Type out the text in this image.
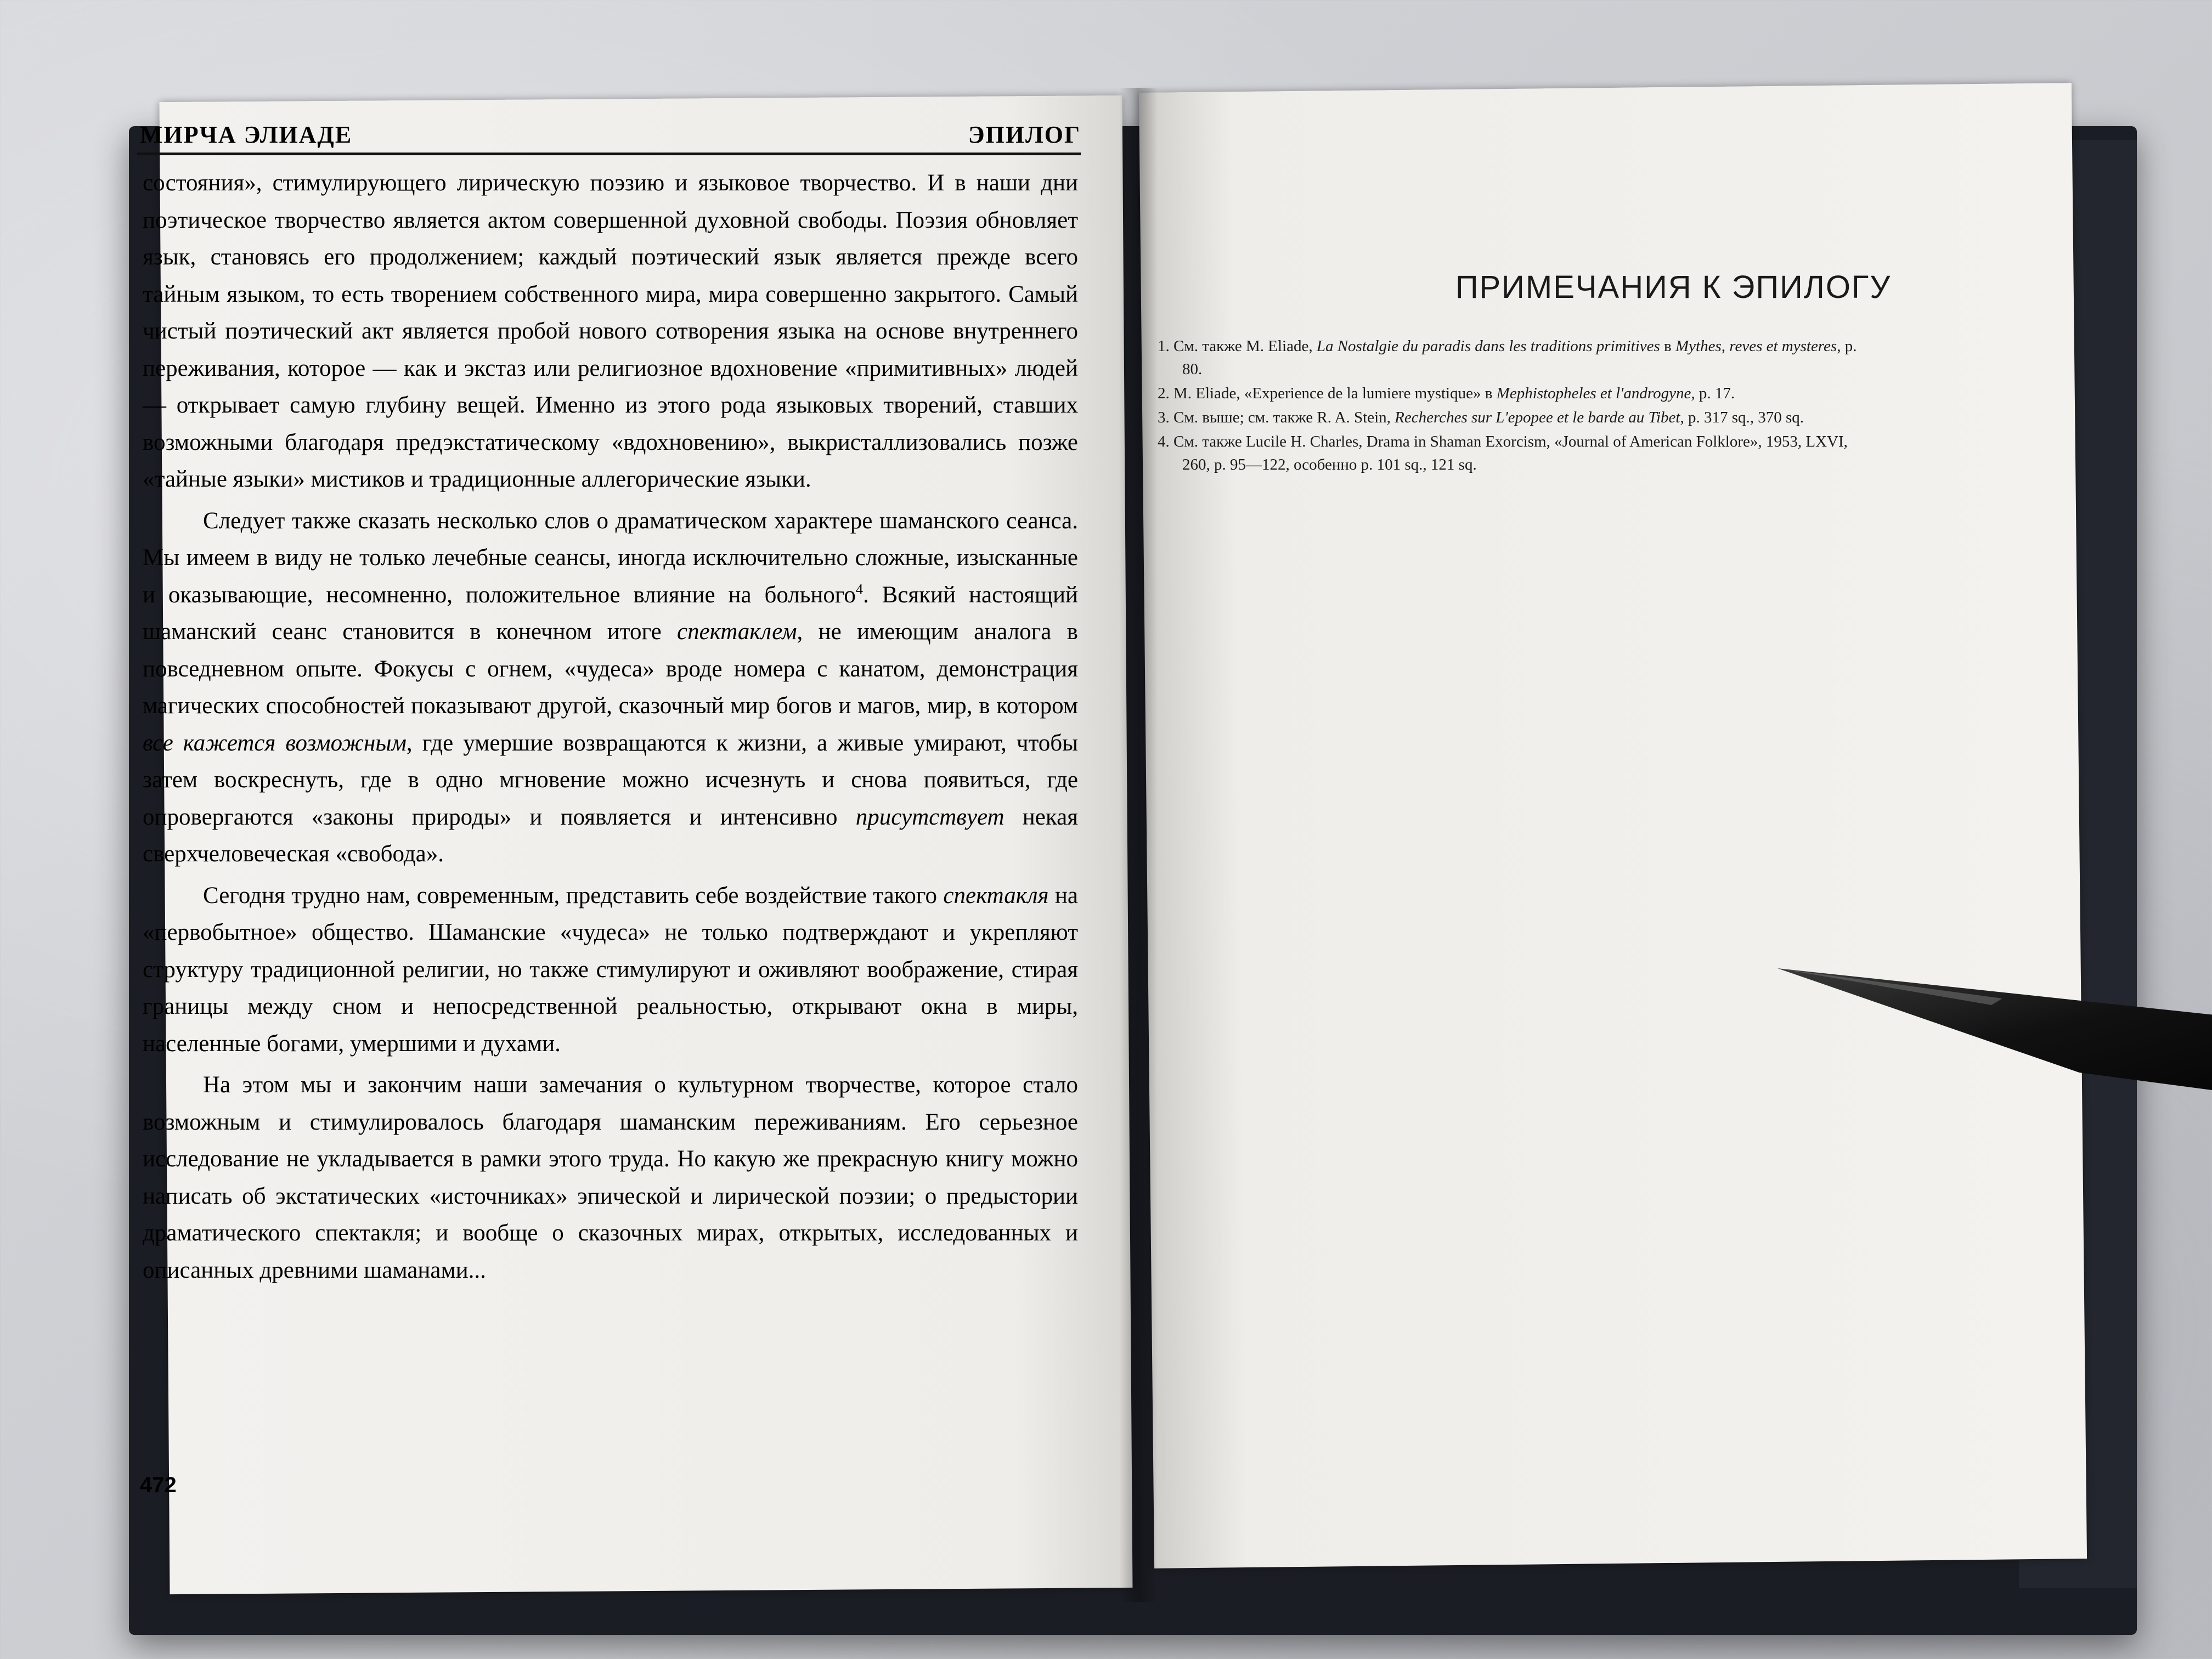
МИРЧА ЭЛИАДЕ	ЭПИЛОГ

состояния», стимулирующего лирическую поэзию и языковое творчество. И в наши дни поэтическое творчество является актом совершенной духовной свободы. Поэзия обновляет язык, становясь его продолжением; каждый поэтический язык является прежде всего тайным языком, то есть творением собственного мира, мира совершенно закрытого. Самый чистый поэтический акт является пробой нового сотворения языка на основе внутреннего переживания, которое — как и экстаз или религиозное вдохновение «примитивных» людей — открывает самую глубину вещей. Именно из этого рода языковых творений, ставших возможными благодаря предэкстатическому «вдохновению», выкристаллизовались позже «тайные языки» мистиков и традиционные аллегорические языки.

Следует также сказать несколько слов о драматическом характере шаманского сеанса. Мы имеем в виду не только лечебные сеансы, иногда исключительно сложные, изысканные и оказывающие, несомненно, положительное влияние на больного$^4$. Всякий настоящий шаманский сеанс становится в конечном итоге спектаклем, не имеющим аналога в повседневном опыте. Фокусы с огнем, «чудеса» вроде номера с канатом, демонстрация магических способностей показывают другой, сказочный мир богов и магов, мир, в котором все кажется возможным, где умершие возвращаются к жизни, а живые умирают, чтобы затем воскреснуть, где в одно мгновение можно исчезнуть и снова появиться, где опровергаются «законы природы» и появляется и интенсивно присутствует некая сверхчеловеческая «свобода».

Сегодня трудно нам, современным, представить себе воздействие такого спектакля на «первобытное» общество. Шаманские «чудеса» не только подтверждают и укрепляют структуру традиционной религии, но также стимулируют и оживляют воображение, стирая границы между сном и непосредственной реальностью, открывают окна в миры, населенные богами, умершими и духами.

На этом мы и закончим наши замечания о культурном творчестве, которое стало возможным и стимулировалось благодаря шаманским переживаниям. Его серьезное исследование не укладывается в рамки этого труда. Но какую же прекрасную книгу можно написать об экстатических «источниках» эпической и лирической поэзии; о предыстории драматического спектакля; и вообще о сказочных мирах, открытых, исследованных и описанных древними шаманами...

472
ПРИМЕЧАНИЯ К ЭПИЛОГУ

1. См. также M. Eliade, La Nostalgie du paradis dans les traditions primitives в Mythes, reves et mysteres, p. 80.

2. M. Eliade, «Experience de la lumiere mystique» в Mephistopheles et l'androgyne, p. 17.

3. См. выше; см. также R. A. Stein, Recherches sur L'epopee et le barde au Tibet, p. 317 sq., 370 sq.

4. См. также Lucile H. Charles, Drama in Shaman Exorcism, «Journal of American Folklore», 1953, LXVI, 260, p. 95—122, особенно p. 101 sq., 121 sq.
